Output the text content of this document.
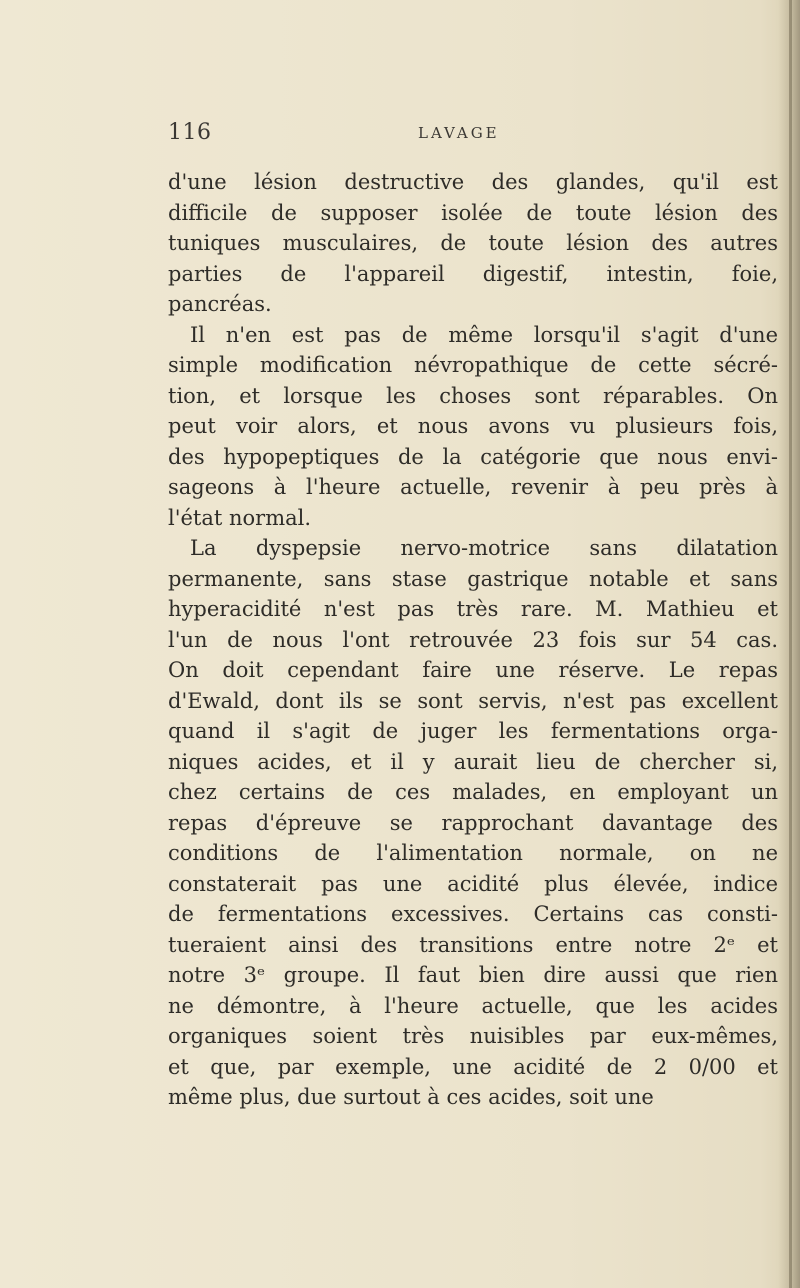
116	LAVAGE
d'une lésion destructive des glandes, qu'il est
difficile de supposer isolée de toute lésion des
tuniques musculaires, de toute lésion des autres
parties de l'appareil digestif, intestin, foie,
pancréas.
Il n'en est pas de même lorsqu'il s'agit d'une
simple modification névropathique de cette sécré-
tion, et lorsque les choses sont réparables. On
peut voir alors, et nous avons vu plusieurs fois,
des hypopeptiques de la catégorie que nous envi-
sageons à l'heure actuelle, revenir à peu près à
l'état normal.
La dyspepsie nervo-motrice sans dilatation
permanente, sans stase gastrique notable et sans
hyperacidité n'est pas très rare. M. Mathieu et
l'un de nous l'ont retrouvée 23 fois sur 54 cas.
On doit cependant faire une réserve. Le repas
d'Ewald, dont ils se sont servis, n'est pas excellent
quand il s'agit de juger les fermentations orga-
niques acides, et il y aurait lieu de chercher si,
chez certains de ces malades, en employant un
repas d'épreuve se rapprochant davantage des
conditions de l'alimentation normale, on ne
constaterait pas une acidité plus élevée, indice
de fermentations excessives. Certains cas consti-
tueraient ainsi des transitions entre notre 2ᵉ et
notre 3ᵉ groupe. Il faut bien dire aussi que rien
ne démontre, à l'heure actuelle, que les acides
organiques soient très nuisibles par eux-mêmes,
et que, par exemple, une acidité de 2 0/00 et
même plus, due surtout à ces acides, soit une
